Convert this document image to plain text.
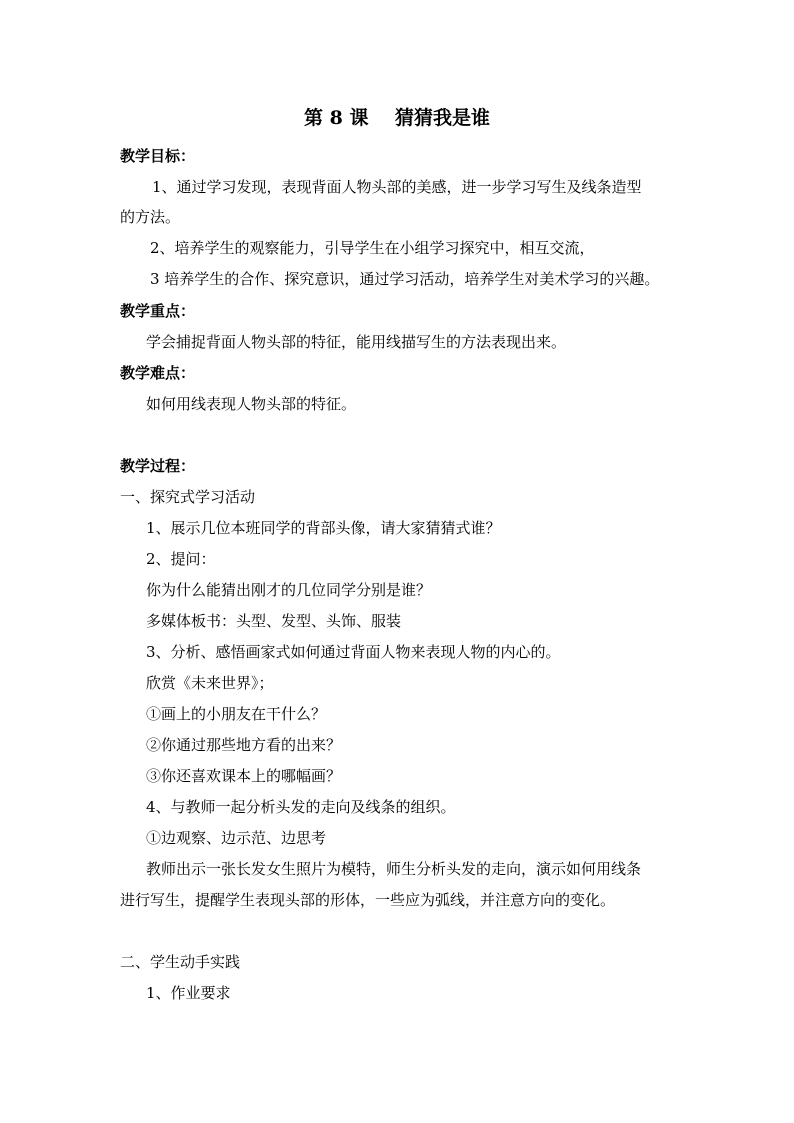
第 8 课    猜猜我是谁
教学目标：
1、通过学习发现，表现背面人物头部的美感，进一步学习写生及线条造型
的方法。
2、培养学生的观察能力，引导学生在小组学习探究中，相互交流，
3 培养学生的合作、探究意识，通过学习活动，培养学生对美术学习的兴趣。
教学重点：
学会捕捉背面人物头部的特征，能用线描写生的方法表现出来。
教学难点：
如何用线表现人物头部的特征。
教学过程：
一、探究式学习活动
1、展示几位本班同学的背部头像，请大家猜猜式谁？
2、提问：
你为什么能猜出刚才的几位同学分别是谁？
多媒体板书：头型、发型、头饰、服装
3、分析、感悟画家式如何通过背面人物来表现人物的内心的。
欣赏《未来世界》；
①画上的小朋友在干什么？
②你通过那些地方看的出来？
③你还喜欢课本上的哪幅画？
4、与教师一起分析头发的走向及线条的组织。
①边观察、边示范、边思考
教师出示一张长发女生照片为模特，师生分析头发的走向，演示如何用线条
进行写生，提醒学生表现头部的形体，一些应为弧线，并注意方向的变化。
二、学生动手实践
1、作业要求
